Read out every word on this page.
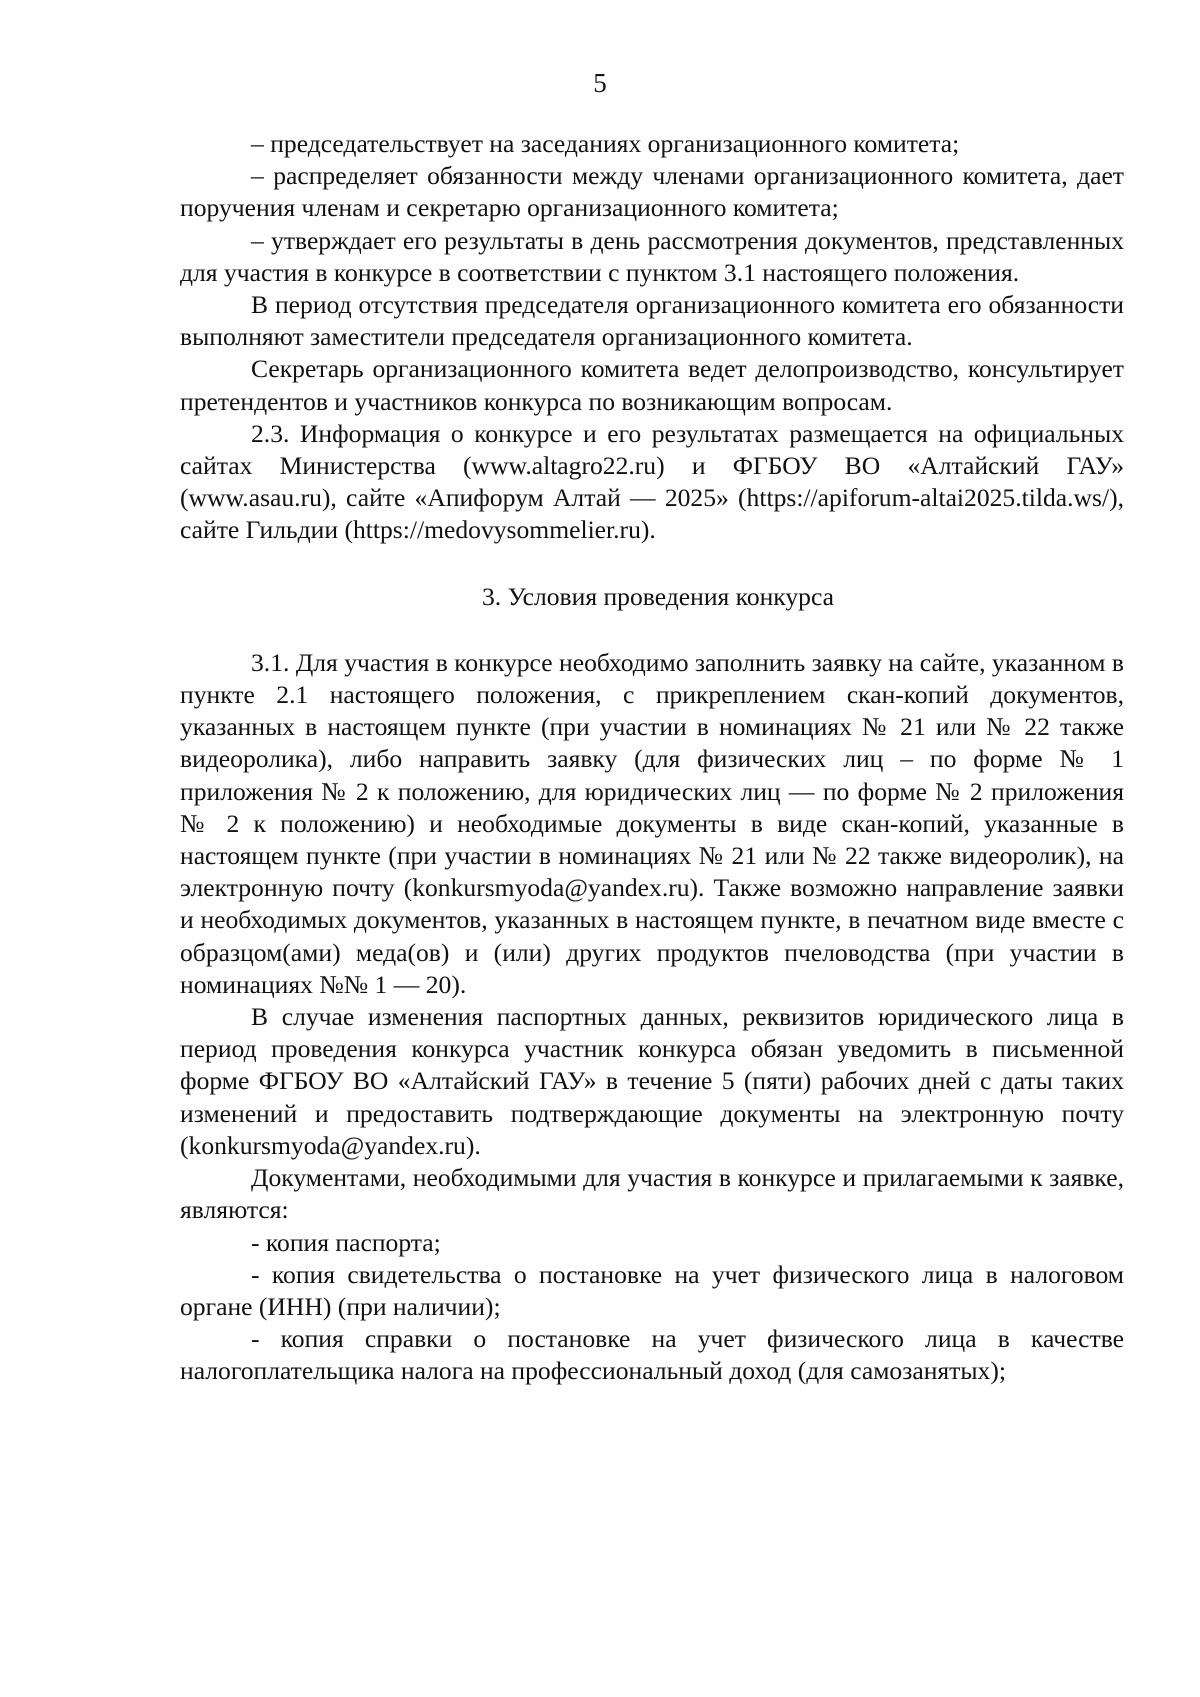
5

– председательствует на заседаниях организационного комитета;

– распределяет обязанности между членами организационного комитета, дает поручения членам и секретарю организационного комитета;

– утверждает его результаты в день рассмотрения документов, представленных для участия в конкурсе в соответствии с пунктом 3.1 настоящего положения.

В период отсутствия председателя организационного комитета его обязанности выполняют заместители председателя организационного комитета.

Секретарь организационного комитета ведет делопроизводство, консультирует претендентов и участников конкурса по возникающим вопросам.

2.3. Информация о конкурсе и его результатах размещается на официальных сайтах Министерства (www.altagro22.ru) и ФГБОУ ВО «Алтайский ГАУ» (www.asau.ru), сайте «Апифорум Алтай — 2025» (https://apiforum-altai2025.tilda.ws/), сайте Гильдии (https://medovysommelier.ru).

3. Условия проведения конкурса

3.1. Для участия в конкурсе необходимо заполнить заявку на сайте, указанном в пункте 2.1 настоящего положения, с прикреплением скан-копий документов, указанных в настоящем пункте (при участии в номинациях № 21 или № 22 также видеоролика), либо направить заявку (для физических лиц – по форме № 1 приложения № 2 к положению, для юридических лиц — по форме № 2 приложения № 2 к положению) и необходимые документы в виде скан-копий, указанные в настоящем пункте (при участии в номинациях № 21 или № 22 также видеоролик), на электронную почту (konkursmyoda@yandex.ru). Также возможно направление заявки и необходимых документов, указанных в настоящем пункте, в печатном виде вместе с образцом(ами) меда(ов) и (или) других продуктов пчеловодства (при участии в номинациях №№ 1 — 20).

В случае изменения паспортных данных, реквизитов юридического лица в период проведения конкурса участник конкурса обязан уведомить в письменной форме ФГБОУ ВО «Алтайский ГАУ» в течение 5 (пяти) рабочих дней с даты таких изменений и предоставить подтверждающие документы на электронную почту (konkursmyoda@yandex.ru).

Документами, необходимыми для участия в конкурсе и прилагаемыми к заявке, являются:

- копия паспорта;

- копия свидетельства о постановке на учет физического лица в налоговом органе (ИНН) (при наличии);

- копия справки о постановке на учет физического лица в качестве налогоплательщика налога на профессиональный доход (для самозанятых);
